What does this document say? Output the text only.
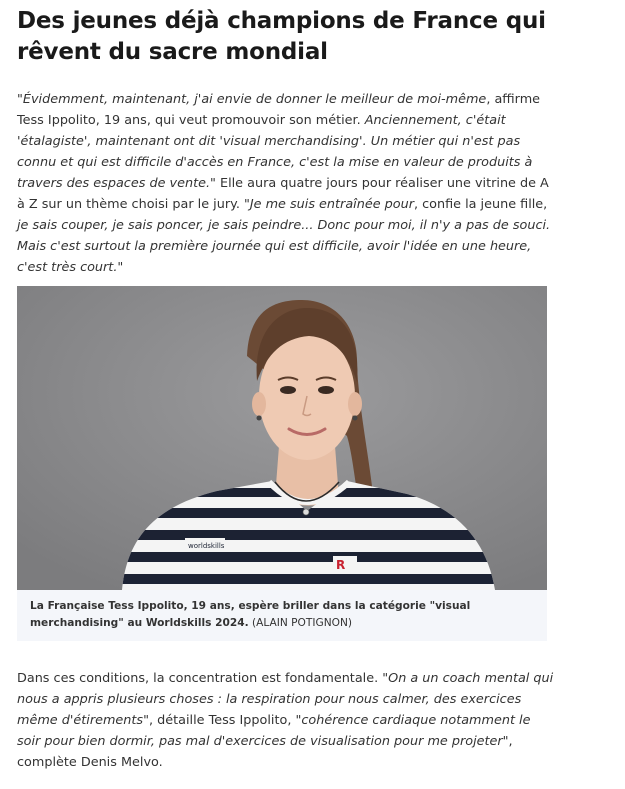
Des jeunes déjà champions de France qui rêvent du sacre mondial

"Évidemment, maintenant, j'ai envie de donner le meilleur de moi-même, affirme Tess Ippolito, 19 ans, qui veut promouvoir son métier. Anciennement, c'était 'étalagiste', maintenant ont dit 'visual merchandising'. Un métier qui n'est pas connu et qui est difficile d'accès en France, c'est la mise en valeur de produits à travers des espaces de vente." Elle aura quatre jours pour réaliser une vitrine de A à Z sur un thème choisi par le jury. "Je me suis entraînée pour, confie la jeune fille, je sais couper, je sais poncer, je sais peindre... Donc pour moi, il n'y a pas de souci. Mais c'est surtout la première journée qui est difficile, avoir l'idée en une heure, c'est très court."

worldskills
R
La Française Tess Ippolito, 19 ans, espère briller dans la catégorie "visual merchandising" au Worldskills 2024. (ALAIN POTIGNON)

Dans ces conditions, la concentration est fondamentale. "On a un coach mental qui nous a appris plusieurs choses : la respiration pour nous calmer, des exercices même d'étirements", détaille Tess Ippolito, "cohérence cardiaque notamment le soir pour bien dormir, pas mal d'exercices de visualisation pour me projeter", complète Denis Melvo.
